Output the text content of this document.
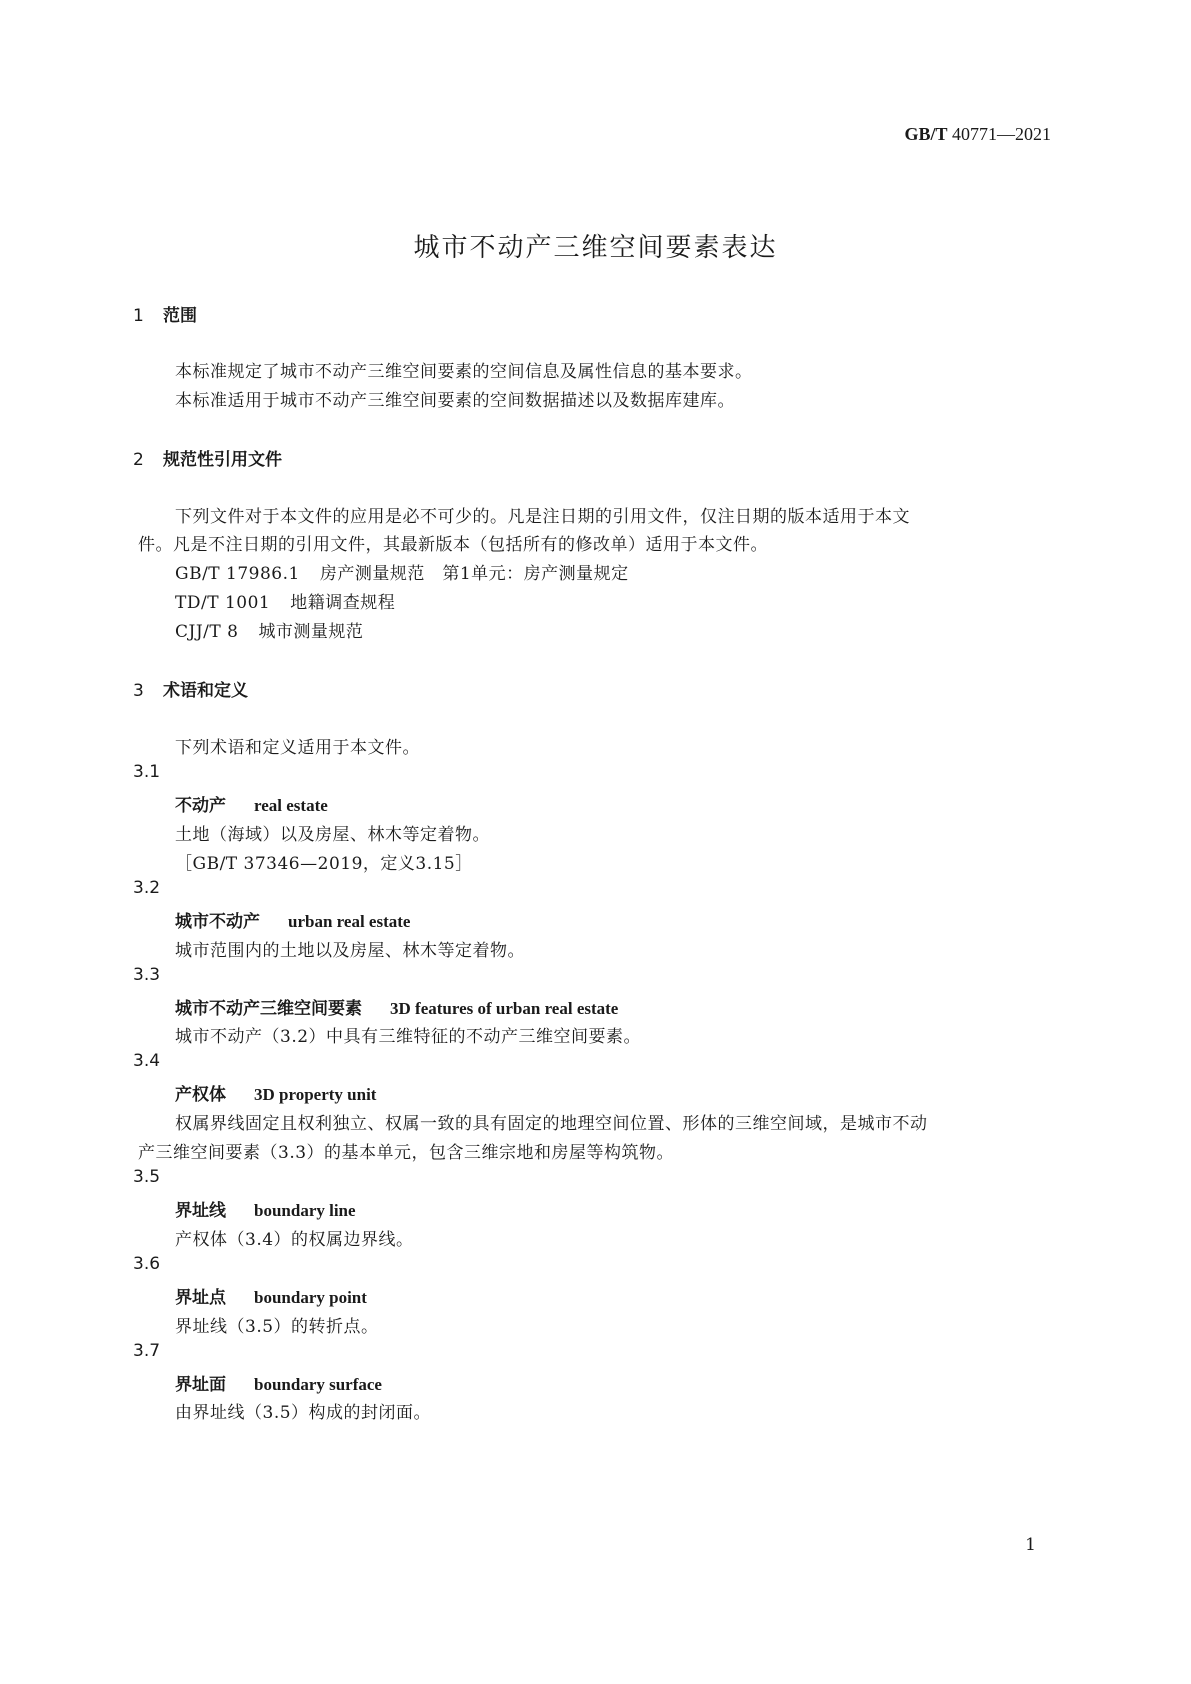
GB/T 40771—2021
城市不动产三维空间要素表达
1 范围
本标准规定了城市不动产三维空间要素的空间信息及属性信息的基本要求。
本标准适用于城市不动产三维空间要素的空间数据描述以及数据库建库。
2 规范性引用文件
下列文件对于本文件的应用是必不可少的。凡是注日期的引用文件，仅注日期的版本适用于本文
件。凡是不注日期的引用文件，其最新版本（包括所有的修改单）适用于本文件。
GB/T 17986.1 房产测量规范　第1单元：房产测量规定
TD/T 1001 地籍调查规程
CJJ/T 8 城市测量规范
3 术语和定义
下列术语和定义适用于本文件。
3.1
不动产 real estate
土地（海域）以及房屋、林木等定着物。
［GB/T 37346—2019，定义3.15］
3.2
城市不动产 urban real estate
城市范围内的土地以及房屋、林木等定着物。
3.3
城市不动产三维空间要素 3D features of urban real estate
城市不动产（3.2）中具有三维特征的不动产三维空间要素。
3.4
产权体 3D property unit
权属界线固定且权利独立、权属一致的具有固定的地理空间位置、形体的三维空间域，是城市不动
产三维空间要素（3.3）的基本单元，包含三维宗地和房屋等构筑物。
3.5
界址线 boundary line
产权体（3.4）的权属边界线。
3.6
界址点 boundary point
界址线（3.5）的转折点。
3.7
界址面 boundary surface
由界址线（3.5）构成的封闭面。
1
